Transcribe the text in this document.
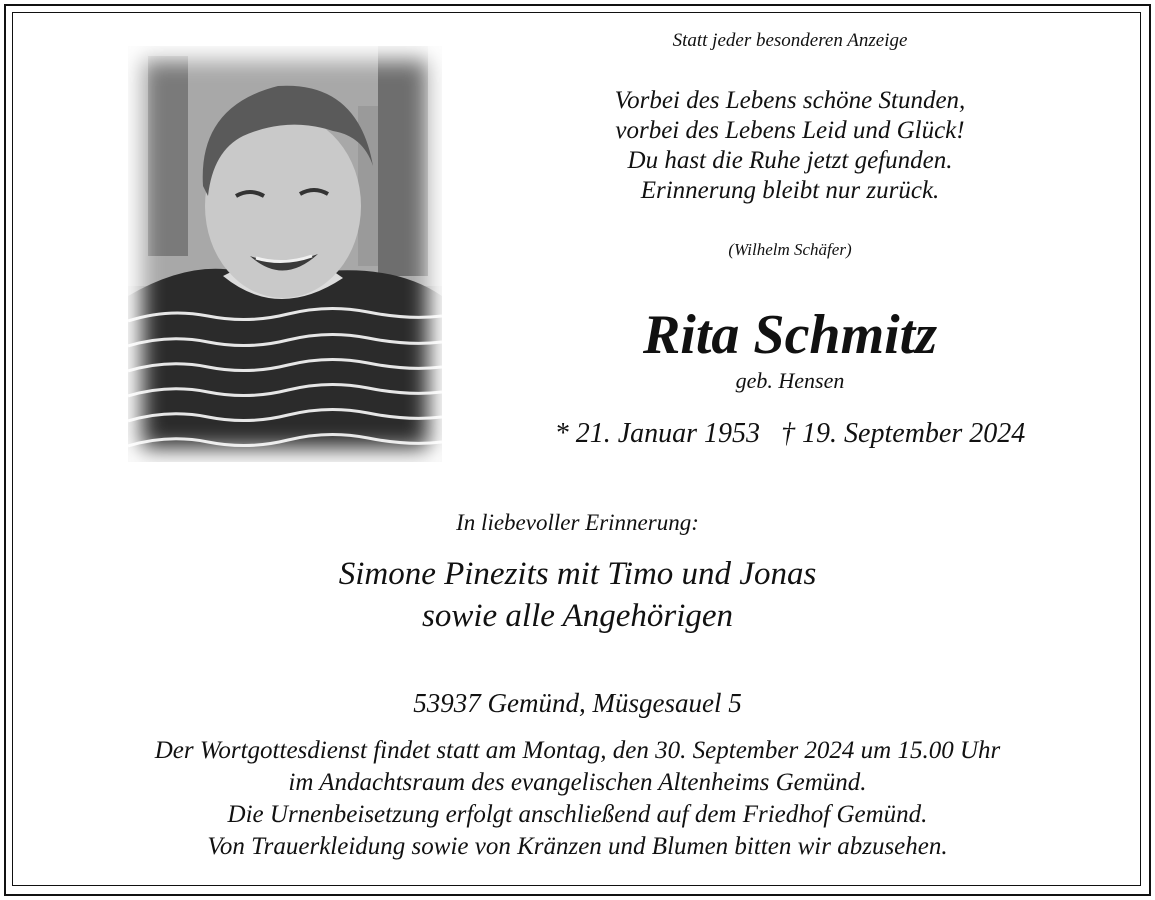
Statt jeder besonderen Anzeige
Vorbei des Lebens schöne Stunden,
vorbei des Lebens Leid und Glück!
Du hast die Ruhe jetzt gefunden.
Erinnerung bleibt nur zurück.
(Wilhelm Schäfer)
Rita Schmitz
geb. Hensen
* 21. Januar 1953   † 19. September 2024
In liebevoller Erinnerung:
Simone Pinezits mit Timo und Jonas
sowie alle Angehörigen
53937 Gemünd, Müsgesauel 5
Der Wortgottesdienst findet statt am Montag, den 30. September 2024 um 15.00 Uhr
im Andachtsraum des evangelischen Altenheims Gemünd.
Die Urnenbeisetzung erfolgt anschließend auf dem Friedhof Gemünd.
Von Trauerkleidung sowie von Kränzen und Blumen bitten wir abzusehen.
